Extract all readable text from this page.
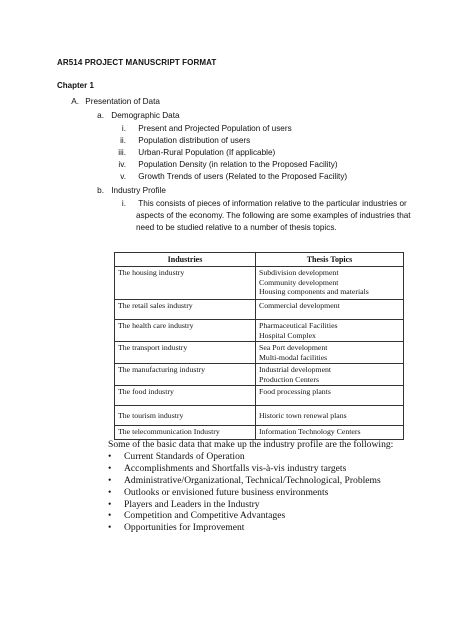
AR514 PROJECT MANUSCRIPT FORMAT
Chapter 1
A. Presentation of Data
a. Demographic Data
i. Present and Projected Population of users
ii. Population distribution of users
iii. Urban-Rural Population (If applicable)
iv. Population Density (in relation to the Proposed Facility)
v. Growth Trends of users (Related to the Proposed Facility)
b. Industry Profile
i. This consists of pieces of information relative to the particular industries or
aspects of the economy. The following are some examples of industries that
need to be studied relative to a number of thesis topics.
Industries	Thesis Topics
The housing industry	Subdivision development
Community development
Housing components and materials

The retail sales industry	Commercial development

The health care industry	Pharmaceutical Facilities
Hospital Complex

The transport industry	Sea Port development
Multi-modal facilities

The manufacturing industry	Industrial development
Production Centers

The food industry	Food processing plants

The tourism industry	Historic town renewal plans

The telecommunication Industry	Information Technology Centers
Some of the basic data that make up the industry profile are the following:
• Current Standards of Operation
• Accomplishments and Shortfalls vis-à-vis industry targets
• Administrative/Organizational, Technical/Technological, Problems
• Outlooks or envisioned future business environments
• Players and Leaders in the Industry
• Competition and Competitive Advantages
• Opportunities for Improvement
